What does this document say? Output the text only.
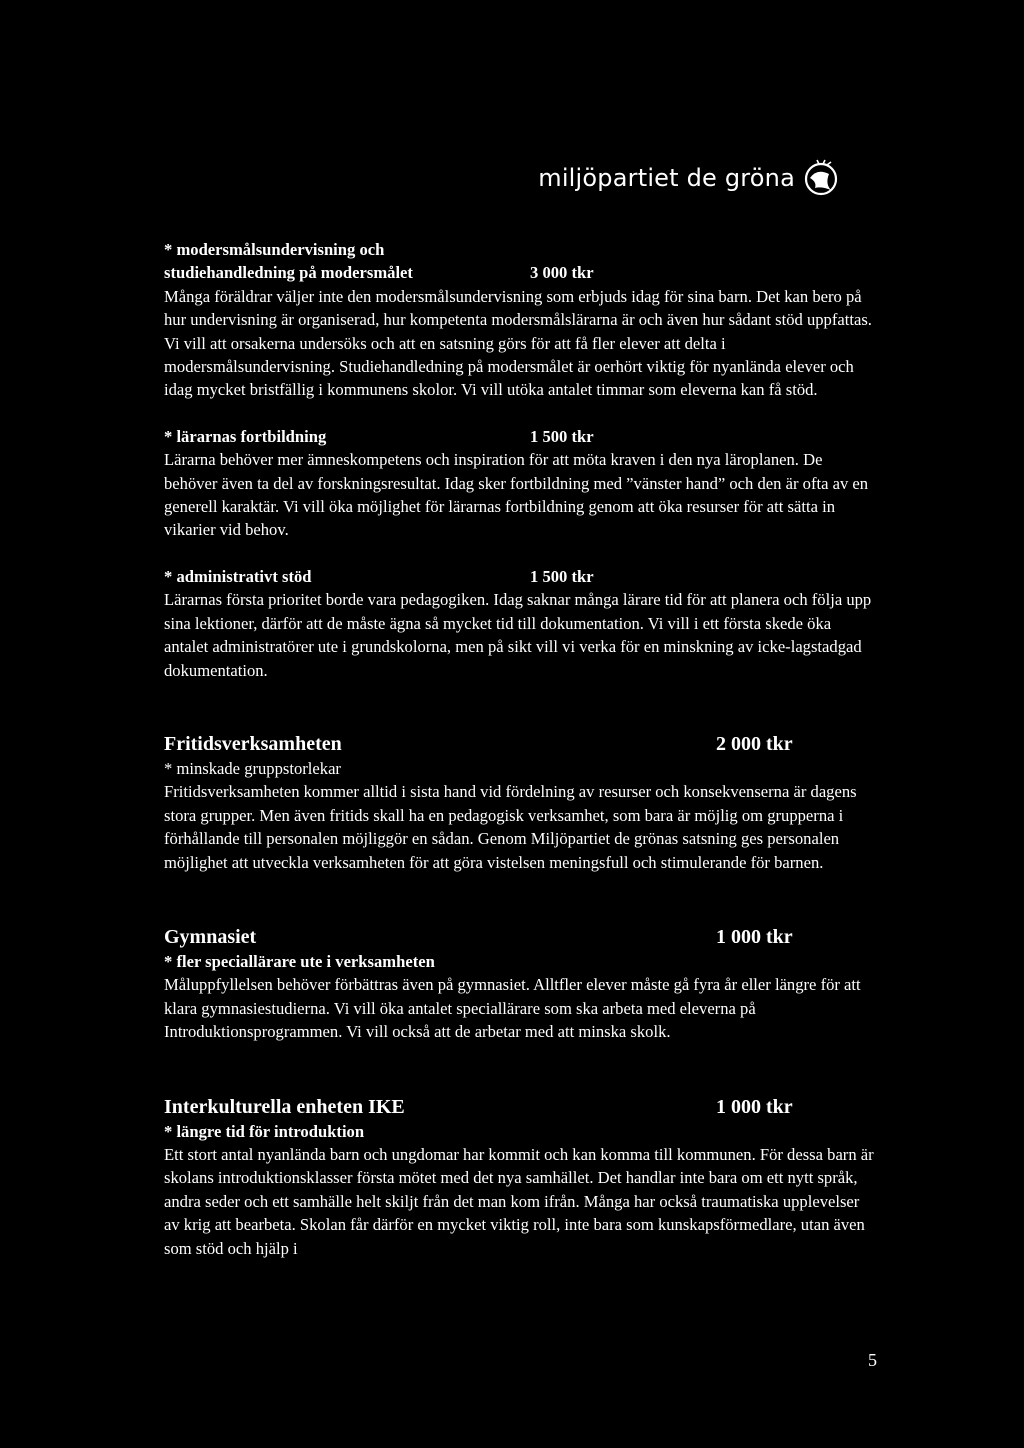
miljöpartiet de gröna
* modersmålsundervisning och
studiehandledning på modersmålet	3 000 tkr

Många föräldrar väljer inte den modersmålsundervisning som erbjuds idag för sina barn. Det kan bero på hur undervisning är organiserad, hur kompetenta modersmålslärarna är och även hur sådant stöd uppfattas. Vi vill att orsakerna undersöks och att en satsning görs för att få fler elever att delta i modersmålsundervisning. Studiehandledning på modersmålet är oerhört viktig för nyanlända elever och idag mycket bristfällig i kommunens skolor. Vi vill utöka antalet timmar som eleverna kan få stöd.

* lärarnas fortbildning	1 500 tkr

Lärarna behöver mer ämneskompetens och inspiration för att möta kraven i den nya läroplanen. De behöver även ta del av forskningsresultat. Idag sker fortbildning med ”vänster hand” och den är ofta av en generell karaktär. Vi vill öka möjlighet för lärarnas fortbildning genom att öka resurser för att sätta in vikarier vid behov.

* administrativt stöd	1 500 tkr

Lärarnas första prioritet borde vara pedagogiken. Idag saknar många lärare tid för att planera och följa upp sina lektioner, därför att de måste ägna så mycket tid till dokumentation. Vi vill i ett första skede öka antalet administratörer ute i grundskolorna, men på sikt vill vi verka för en minskning av icke-lagstadgad dokumentation.

Fritidsverksamheten	2 000 tkr

* minskade gruppstorlekar

Fritidsverksamheten kommer alltid i sista hand vid fördelning av resurser och konsekvenserna är dagens stora grupper. Men även fritids skall ha en pedagogisk verksamhet, som bara är möjlig om grupperna i förhållande till personalen möjliggör en sådan. Genom Miljöpartiet de grönas satsning ges personalen möjlighet att utveckla verksamheten för att göra vistelsen meningsfull och stimulerande för barnen.

Gymnasiet	1 000 tkr

* fler speciallärare ute i verksamheten

Måluppfyllelsen behöver förbättras även på gymnasiet. Alltfler elever måste gå fyra år eller längre för att klara gymnasiestudierna. Vi vill öka antalet speciallärare som ska arbeta med eleverna på Introduktionsprogrammen. Vi vill också att de arbetar med att minska skolk.

Interkulturella enheten IKE	1 000 tkr

* längre tid för introduktion

Ett stort antal nyanlända barn och ungdomar har kommit och kan komma till kommunen. För dessa barn är skolans introduktionsklasser första mötet med det nya samhället. Det handlar inte bara om ett nytt språk, andra seder och ett samhälle helt skiljt från det man kom ifrån. Många har också traumatiska upplevelser av krig att bearbeta. Skolan får därför en mycket viktig roll, inte bara som kunskapsförmedlare, utan även som stöd och hjälp i

5
